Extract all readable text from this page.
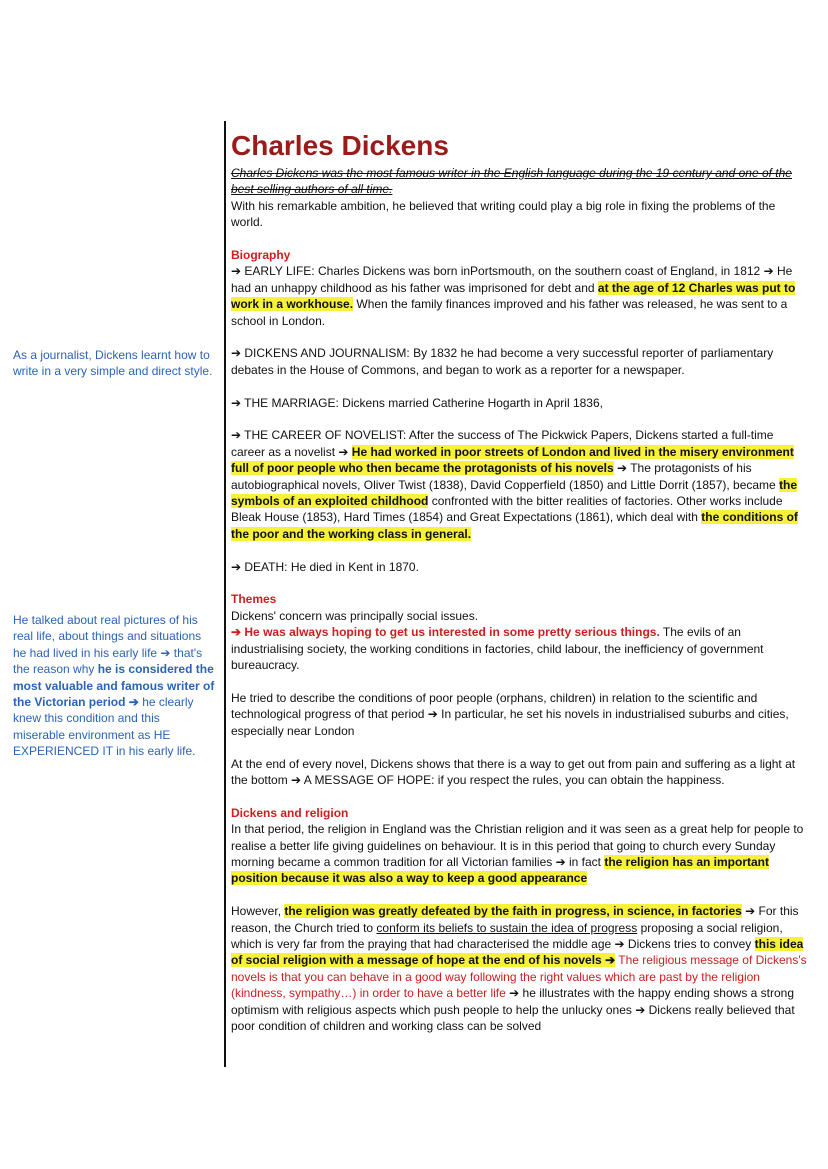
As a journalist, Dickens learnt how to write in a very simple and direct style.
He talked about real pictures of his real life, about things and situations he had lived in his early life ➔ that's the reason why he is considered the most valuable and famous writer of the Victorian period ➔ he clearly knew this condition and this miserable environment as HE EXPERIENCED IT in his early life.
Charles Dickens

Charles Dickens was the most famous writer in the English language during the 19 century and one of the best selling authors of all time.

With his remarkable ambition, he believed that writing could play a big role in fixing the problems of the world.

Biography

➔ EARLY LIFE: Charles Dickens was born inPortsmouth, on the southern coast of England, in 1812 ➔ He had an unhappy childhood as his father was imprisoned for debt and at the age of 12 Charles was put to work in a workhouse. When the family finances improved and his father was released, he was sent to a school in London.

➔ DICKENS AND JOURNALISM: By 1832 he had become a very successful reporter of parliamentary debates in the House of Commons, and began to work as a reporter for a newspaper.

➔ THE MARRIAGE: Dickens married Catherine Hogarth in April 1836,

➔ THE CAREER OF NOVELIST: After the success of The Pickwick Papers, Dickens started a full-time career as a novelist ➔ He had worked in poor streets of London and lived in the misery environment full of poor people who then became the protagonists of his novels ➔ The protagonists of his autobiographical novels, Oliver Twist (1838), David Copperfield (1850) and Little Dorrit (1857), became the symbols of an exploited childhood confronted with the bitter realities of factories. Other works include Bleak House (1853), Hard Times (1854) and Great Expectations (1861), which deal with the conditions of the poor and the working class in general.

➔ DEATH: He died in Kent in 1870.

Themes

Dickens' concern was principally social issues.

➔ He was always hoping to get us interested in some pretty serious things. The evils of an industrialising society, the working conditions in factories, child labour, the inefficiency of government bureaucracy.

He tried to describe the conditions of poor people (orphans, children) in relation to the scientific and technological progress of that period ➔ In particular, he set his novels in industrialised suburbs and cities, especially near London

At the end of every novel, Dickens shows that there is a way to get out from pain and suffering as a light at the bottom ➔ A MESSAGE OF HOPE: if you respect the rules, you can obtain the happiness.

Dickens and religion

In that period, the religion in England was the Christian religion and it was seen as a great help for people to realise a better life giving guidelines on behaviour. It is in this period that going to church every Sunday morning became a common tradition for all Victorian families ➔ in fact the religion has an important position because it was also a way to keep a good appearance

However, the religion was greatly defeated by the faith in progress, in science, in factories ➔ For this reason, the Church tried to conform its beliefs to sustain the idea of progress proposing a social religion, which is very far from the praying that had characterised the middle age ➔ Dickens tries to convey this idea of social religion with a message of hope at the end of his novels ➔ The religious message of Dickens's novels is that you can behave in a good way following the right values which are past by the religion (kindness, sympathy…) in order to have a better life ➔ he illustrates with the happy ending shows a strong optimism with religious aspects which push people to help the unlucky ones ➔ Dickens really believed that poor condition of children and working class can be solved
